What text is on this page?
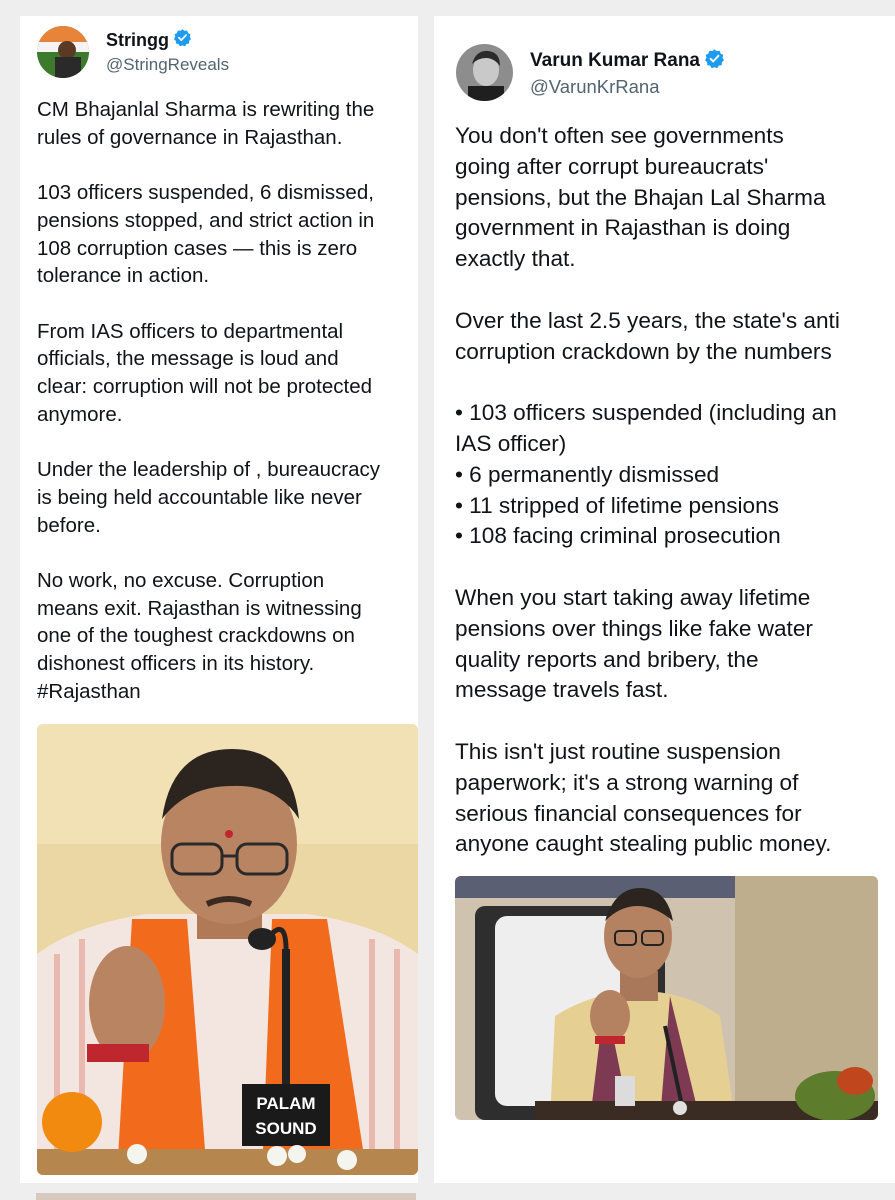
Stringg
@StringReveals

CM Bhajanlal Sharma is rewriting the
rules of governance in Rajasthan.

103 officers suspended, 6 dismissed,
pensions stopped, and strict action in
108 corruption cases — this is zero
tolerance in action.

From IAS officers to departmental
officials, the message is loud and
clear: corruption will not be protected
anymore.

Under the leadership of , bureaucracy
is being held accountable like never
before.

No work, no excuse. Corruption
means exit. Rajasthan is witnessing
one of the toughest crackdowns on
dishonest officers in its history.
#Rajasthan

PALAM
SOUND
Varun Kumar Rana
@VarunKrRana

You don't often see governments
going after corrupt bureaucrats'
pensions, but the Bhajan Lal Sharma
government in Rajasthan is doing
exactly that.

Over the last 2.5 years, the state's anti
corruption crackdown by the numbers

• 103 officers suspended (including an
IAS officer)
• 6 permanently dismissed
• 11 stripped of lifetime pensions
• 108 facing criminal prosecution

When you start taking away lifetime
pensions over things like fake water
quality reports and bribery, the
message travels fast.

This isn't just routine suspension
paperwork; it's a strong warning of
serious financial consequences for
anyone caught stealing public money.
